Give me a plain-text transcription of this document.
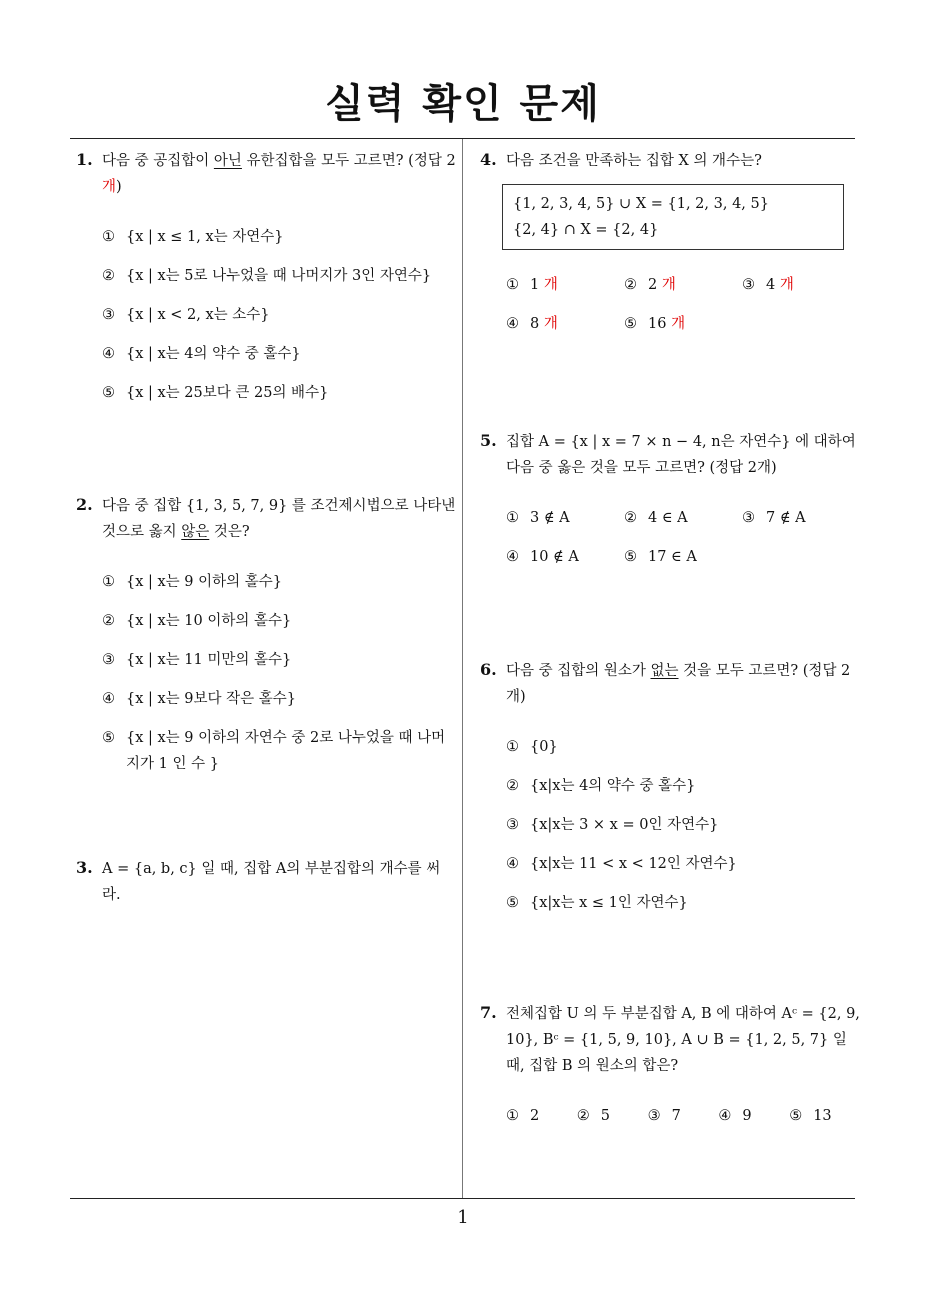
실력 확인 문제
1. 다음 중 공집합이 아닌 유한집합을 모두 고르면? (정답 2개)
① {x | x ≤ 1, x는 자연수}
② {x | x는 5로 나누었을 때 나머지가 3인 자연수}
③ {x | x < 2, x는 소수}
④ {x | x는 4의 약수 중 홀수}
⑤ {x | x는 25보다 큰 25의 배수}
2. 다음 중 집합 {1, 3, 5, 7, 9} 를 조건제시법으로 나타낸 것으로 옳지 않은 것은?
① {x | x는 9 이하의 홀수}
② {x | x는 10 이하의 홀수}
③ {x | x는 11 미만의 홀수}
④ {x | x는 9보다 작은 홀수}
⑤ {x | x는 9 이하의 자연수 중 2로 나누었을 때 나머지가 1 인 수 }
3. A = {a, b, c} 일 때, 집합 A의 부분집합의 개수를 써라.
4. 다음 조건을 만족하는 집합 X 의 개수는?
{1, 2, 3, 4, 5} ∪ X = {1, 2, 3, 4, 5}
{2, 4} ∩ X = {2, 4}
① 1 개	② 2 개	③ 4 개
④ 8 개	⑤ 16 개
5. 집합 A = {x | x = 7 × n − 4, n은 자연수} 에 대하여 다음 중 옳은 것을 모두 고르면? (정답 2개)
① 3 ∉ A	② 4 ∈ A	③ 7 ∉ A
④ 10 ∉ A	⑤ 17 ∈ A
6. 다음 중 집합의 원소가 없는 것을 모두 고르면? (정답 2개)
① {0}
② {x|x는 4의 약수 중 홀수}
③ {x|x는 3 × x = 0인 자연수}
④ {x|x는 11 < x < 12인 자연수}
⑤ {x|x는 x ≤ 1인 자연수}
7. 전체집합 U 의 두 부분집합 A, B 에 대하여 Aᶜ = {2, 9, 10}, Bᶜ = {1, 5, 9, 10}, A ∪ B = {1, 2, 5, 7} 일 때, 집합 B 의 원소의 합은?
① 2	② 5	③ 7	④ 9	⑤ 13
1
